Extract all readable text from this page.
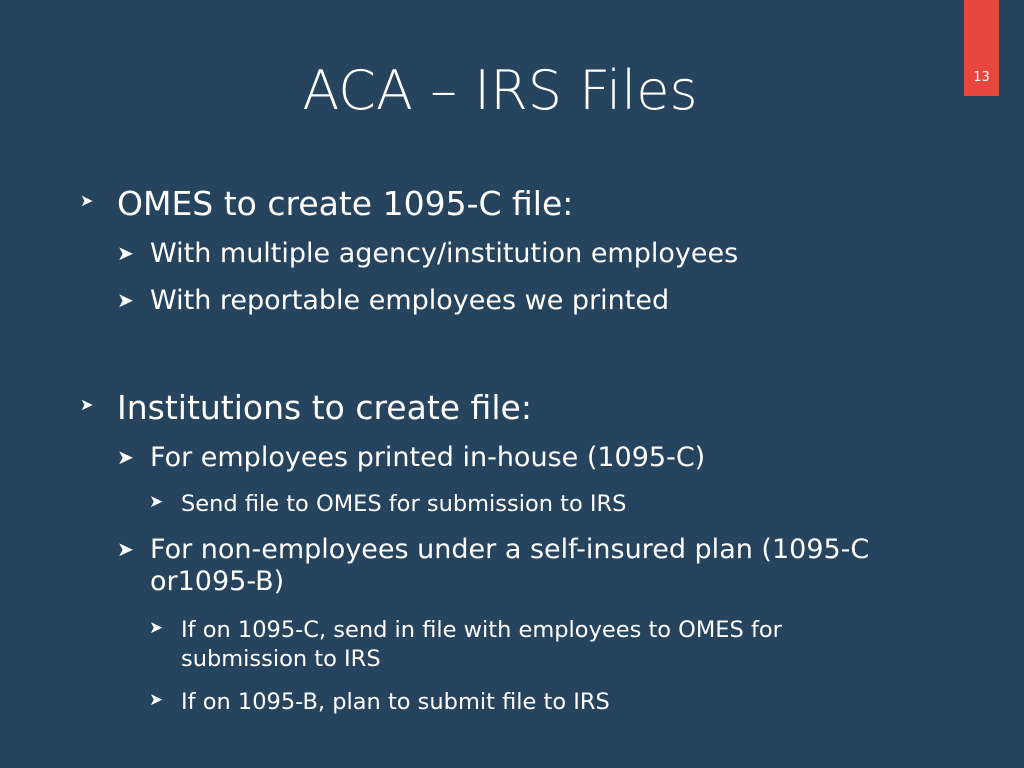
13
ACA – IRS Files
➤ OMES to create 1095-C file:
➤ With multiple agency/institution employees
➤ With reportable employees we printed
➤ Institutions to create file:
➤ For employees printed in-house (1095-C)
➤ Send file to OMES for submission to IRS
➤ For non-employees under a self-insured plan (1095-C or1095-B)
➤ If on 1095-C, send in file with employees to OMES for submission to IRS
➤ If on 1095-B, plan to submit file to IRS
